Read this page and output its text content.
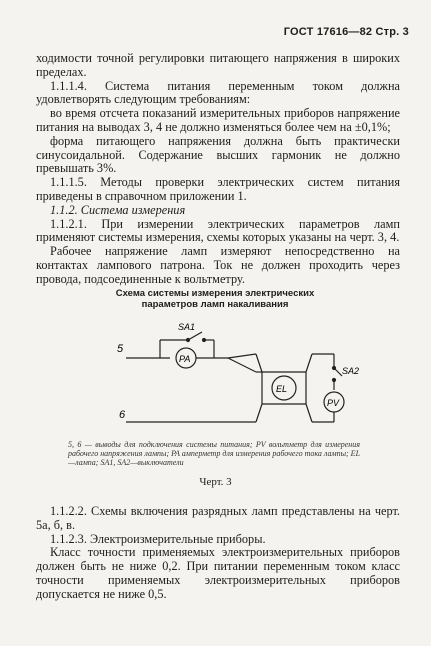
ГОСТ 17616—82 Стр. 3

ходимости точной регулировки питающего напряжения в широких пределах.

1.1.1.4. Система питания переменным током должна удовлетворять следующим требованиям:

во время отсчета показаний измерительных приборов напряжение питания на выводах 3, 4 не должно изменяться более чем на ±0,1%;

форма питающего напряжения должна быть практически синусоидальной. Содержание высших гармоник не должно превышать 3%.

1.1.1.5. Методы проверки электрических систем питания приведены в справочном приложении 1.

1.1.2. Система измерения

1.1.2.1. При измерении электрических параметров ламп применяют системы измерения, схемы которых указаны на черт. 3, 4.

Рабочее напряжение ламп измеряют непосредственно на контактах лампового патрона. Ток не должен проходить через провода, подсоединенные к вольтметру.

Схема системы измерения электрических
параметров ламп накаливания
5
6
SA1
PA
EL
SA2
PV
5, 6 — выводы для подключения системы питания; PV вольтметр для измерения рабочего напряжения лампы; PA амперметр для измерения рабочего тока лампы; EL—лампа; SA1, SA2—выключатели
Черт. 3

1.1.2.2. Схемы включения разрядных ламп представлены на черт. 5а, б, в.

1.1.2.3. Электроизмерительные приборы.

Класс точности применяемых электроизмерительных приборов должен быть не ниже 0,2. При питании переменным током класс точности применяемых электроизмерительных приборов допускается не ниже 0,5.
